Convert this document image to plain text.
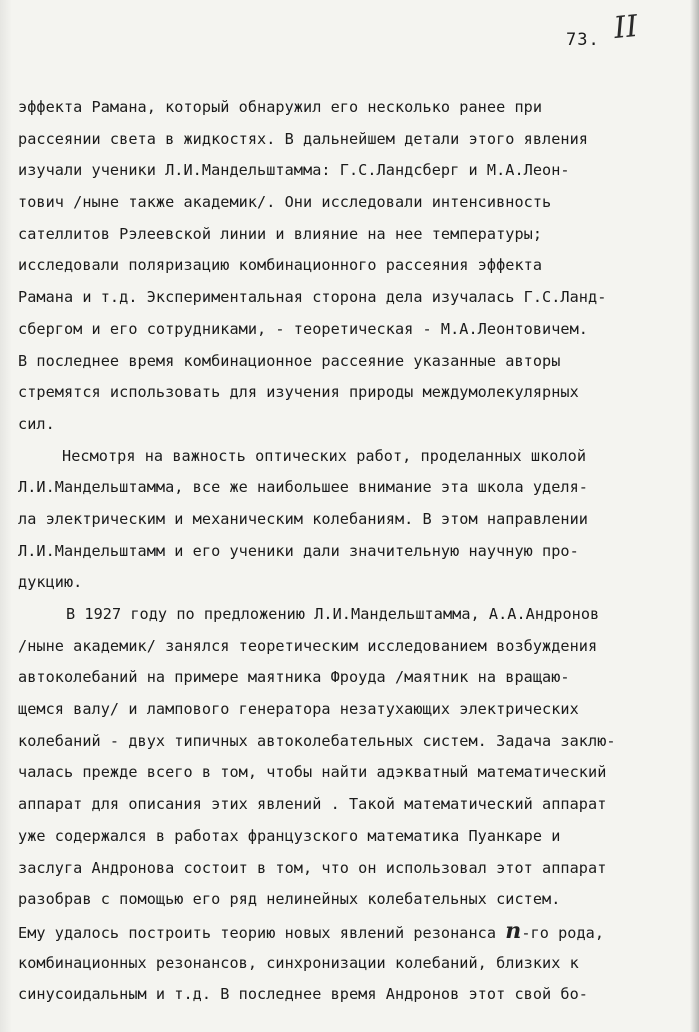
73. II
эффекта Рамана, который обнаружил его несколько ранее при
рассеянии света в жидкостях. В дальнейшем детали этого явления
изучали ученики Л.И.Мандельштамма: Г.С.Ландсберг и М.А.Леон-
тович /ныне также академик/. Они исследовали интенсивность
сателлитов Рэлеевской линии и влияние на нее температуры;
исследовали поляризацию комбинационного рассеяния эффекта
Рамана и т.д. Экспериментальная сторона дела изучалась Г.С.Ланд-
сбергом и его сотрудниками, - теоретическая - М.А.Леонтовичем.
В последнее время комбинационное рассеяние указанные авторы
стремятся использовать для изучения природы междумолекулярных
сил.
Несмотря на важность оптических работ, проделанных школой
Л.И.Мандельштамма, все же наибольшее внимание эта школа уделя-
ла электрическим и механическим колебаниям. В этом направлении
Л.И.Мандельштамм и его ученики дали значительную научную про-
дукцию.
В 1927 году по предложению Л.И.Мандельштамма, А.А.Андронов
/ныне академик/ занялся теоретическим исследованием возбуждения
автоколебаний на примере маятника Фроуда /маятник на вращаю-
щемся валу/ и лампового генератора незатухающих электрических
колебаний - двух типичных автоколебательных систем. Задача заклю-
чалась прежде всего в том, чтобы найти адэкватный математический
аппарат для описания этих явлений . Такой математический аппарат
уже содержался в работах французского математика Пуанкаре и
заслуга Андронова состоит в том, что он использовал этот аппарат
разобрав с помощью его ряд нелинейных колебательных систем.
Ему удалось построить теорию новых явлений резонанса n-го рода,
комбинационных резонансов, синхронизации колебаний, близких к
синусоидальным и т.д. В последнее время Андронов этот свой бо-
